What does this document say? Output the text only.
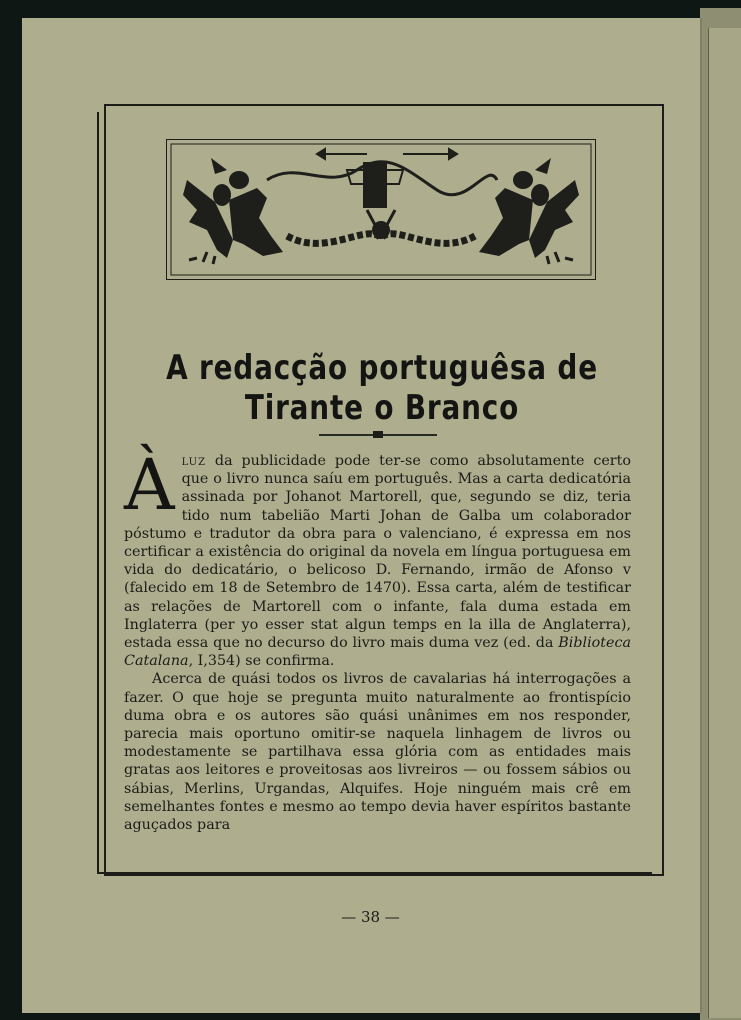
A redacção portuguêsa de Tirante o Branco

Àluz da publicidade pode ter-se como absolutamente certo que o livro nunca saíu em português. Mas a carta dedicatória assinada por Johanot Martorell, que, segundo se diz, teria tido num tabelião Marti Johan de Galba um colaborador póstumo e tradutor da obra para o valenciano, é expressa em nos certificar a existência do original da novela em língua portuguesa em vida do dedicatário, o belicoso D. Fernando, irmão de Afonso v (falecido em 18 de Setembro de 1470). Essa carta, além de testificar as relações de Martorell com o infante, fala duma estada em Inglaterra (per yo esser stat algun temps en la illa de Anglaterra), estada essa que no decurso do livro mais duma vez (ed. da Biblioteca Catalana, I,354) se confirma.

Acerca de quási todos os livros de cavalarias há interrogações a fazer. O que hoje se pregunta muito naturalmente ao frontispício duma obra e os autores são quási unânimes em nos responder, parecia mais oportuno omitir-se naquela linhagem de livros ou modestamente se partilhava essa glória com as entidades mais gratas aos leitores e proveitosas aos livreiros — ou fossem sábios ou sábias, Merlins, Urgandas, Alquifes. Hoje ninguém mais crê em semelhantes fontes e mesmo ao tempo devia haver espíritos bastante aguçados para

— 38 —
